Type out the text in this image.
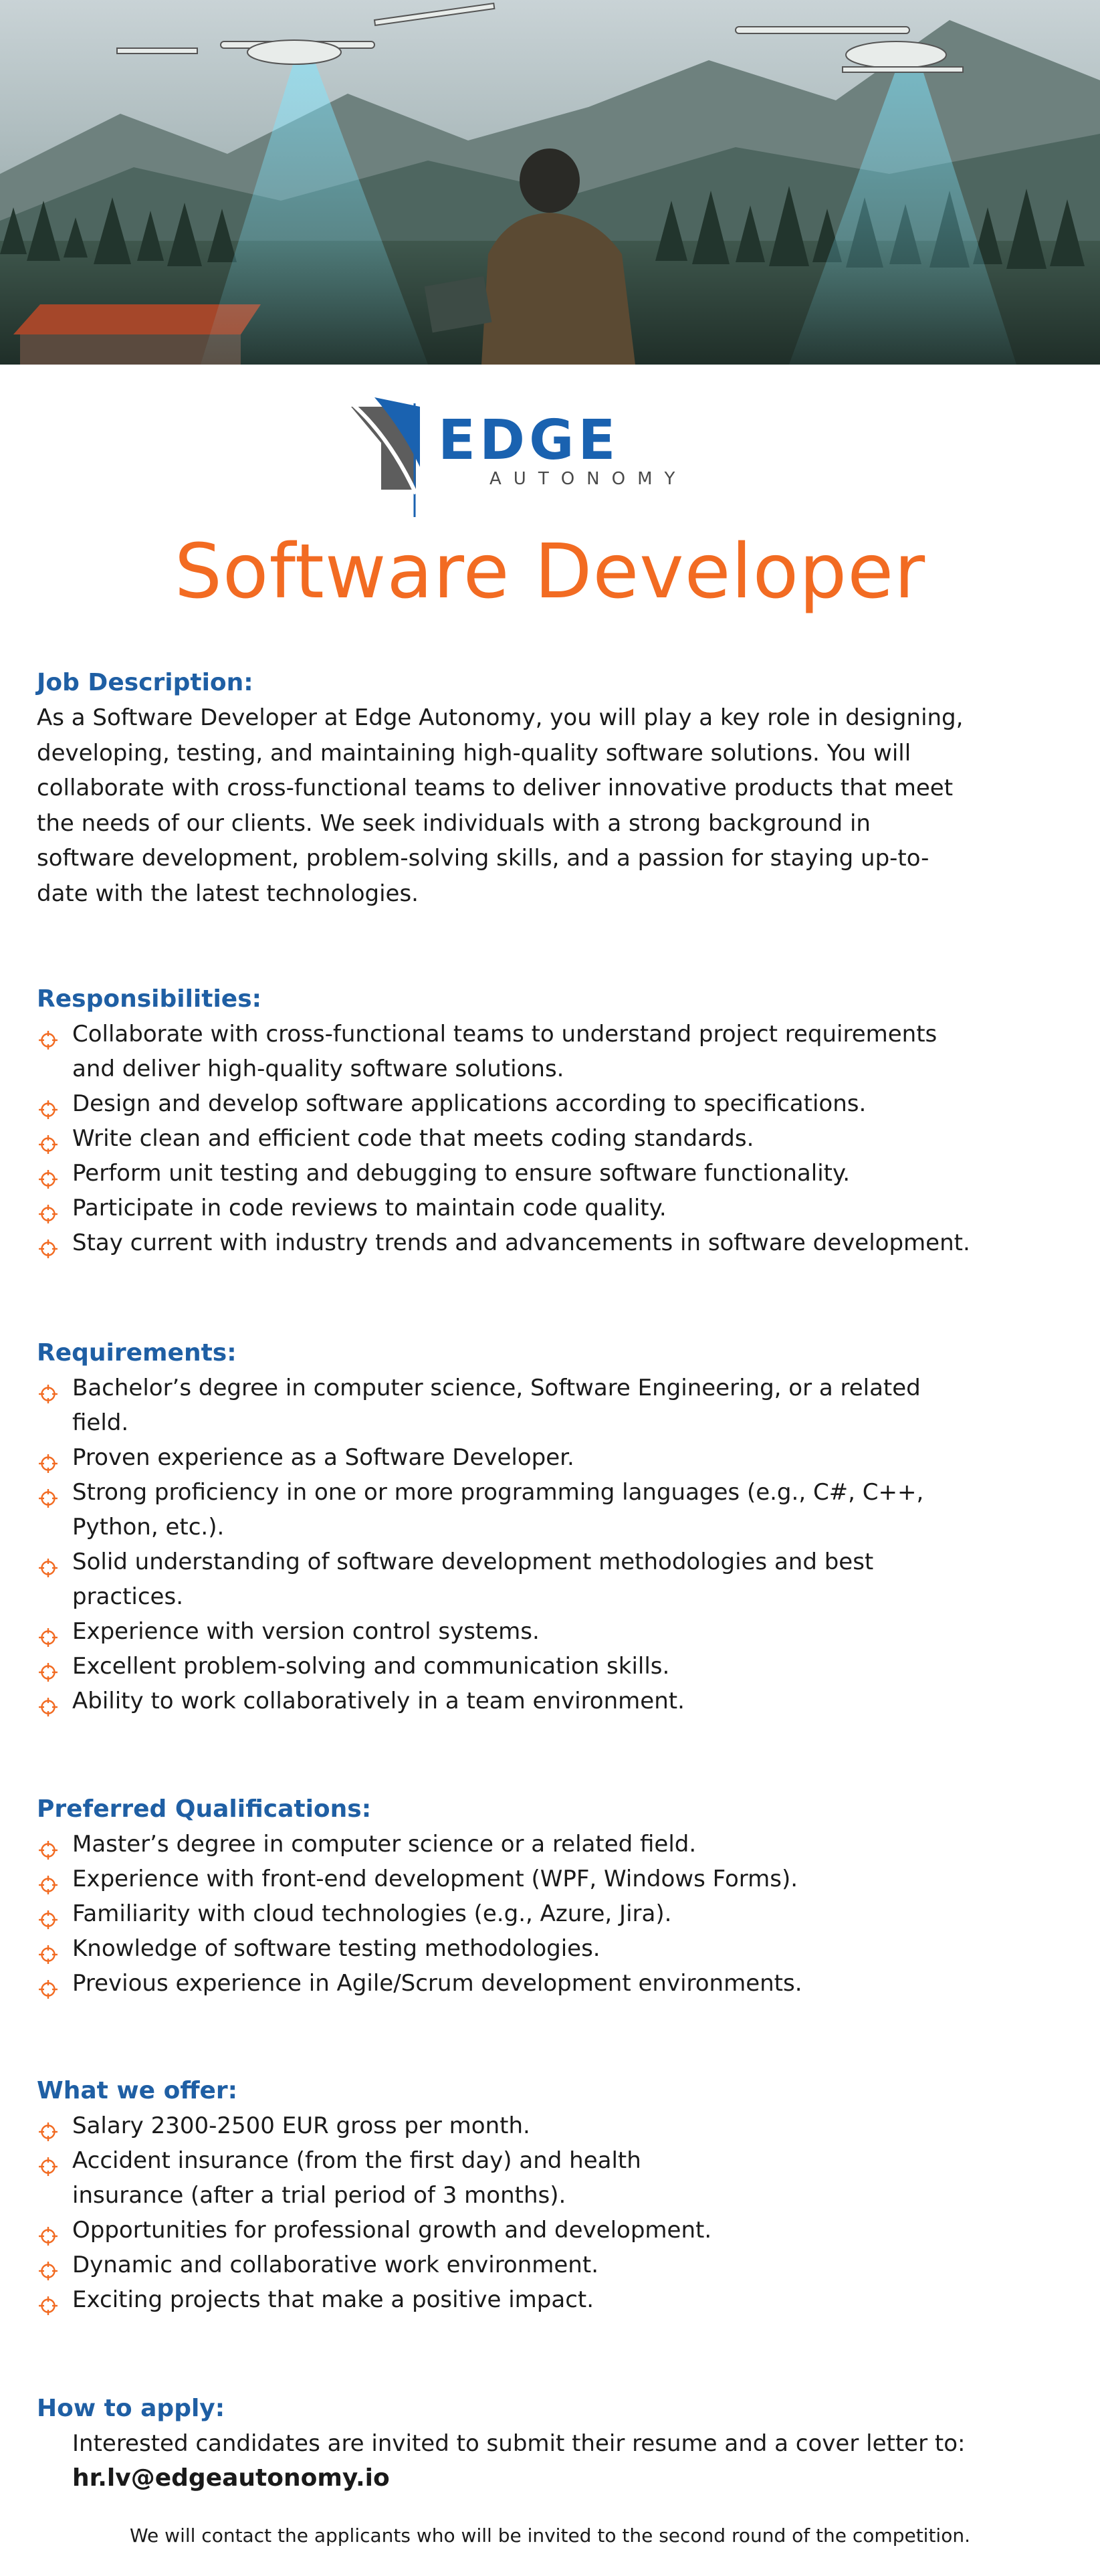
EDGE
AUTONOMY
Software Developer

Job Description:

As a Software Developer at Edge Autonomy, you will play a key role in designing,

developing, testing, and maintaining high-quality software solutions. You will

collaborate with cross-functional teams to deliver innovative products that meet

the needs of our clients. We seek individuals with a strong background in

software development, problem-solving skills, and a passion for staying up-to-

date with the latest technologies.

Responsibilities:

Collaborate with cross-functional teams to understand project requirements
and deliver high-quality software solutions.
Design and develop software applications according to specifications.
Write clean and efficient code that meets coding standards.
Perform unit testing and debugging to ensure software functionality.
Participate in code reviews to maintain code quality.
Stay current with industry trends and advancements in software development.

Requirements:

Bachelor’s degree in computer science, Software Engineering, or a related
field.
Proven experience as a Software Developer.
Strong proficiency in one or more programming languages (e.g., C#, C++,
Python, etc.).
Solid understanding of software development methodologies and best
practices.
Experience with version control systems.
Excellent problem-solving and communication skills.
Ability to work collaboratively in a team environment.

Preferred Qualifications:

Master’s degree in computer science or a related field.
Experience with front-end development (WPF, Windows Forms).
Familiarity with cloud technologies (e.g., Azure, Jira).
Knowledge of software testing methodologies.
Previous experience in Agile/Scrum development environments.

What we offer:

Salary 2300-2500 EUR gross per month.
Accident insurance (from the first day) and health
insurance (after a trial period of 3 months).
Opportunities for professional growth and development.
Dynamic and collaborative work environment.
Exciting projects that make a positive impact.

How to apply:

Interested candidates are invited to submit their resume and a cover letter to:

hr.lv@edgeautonomy.io

We will contact the applicants who will be invited to the second round of the competition.
